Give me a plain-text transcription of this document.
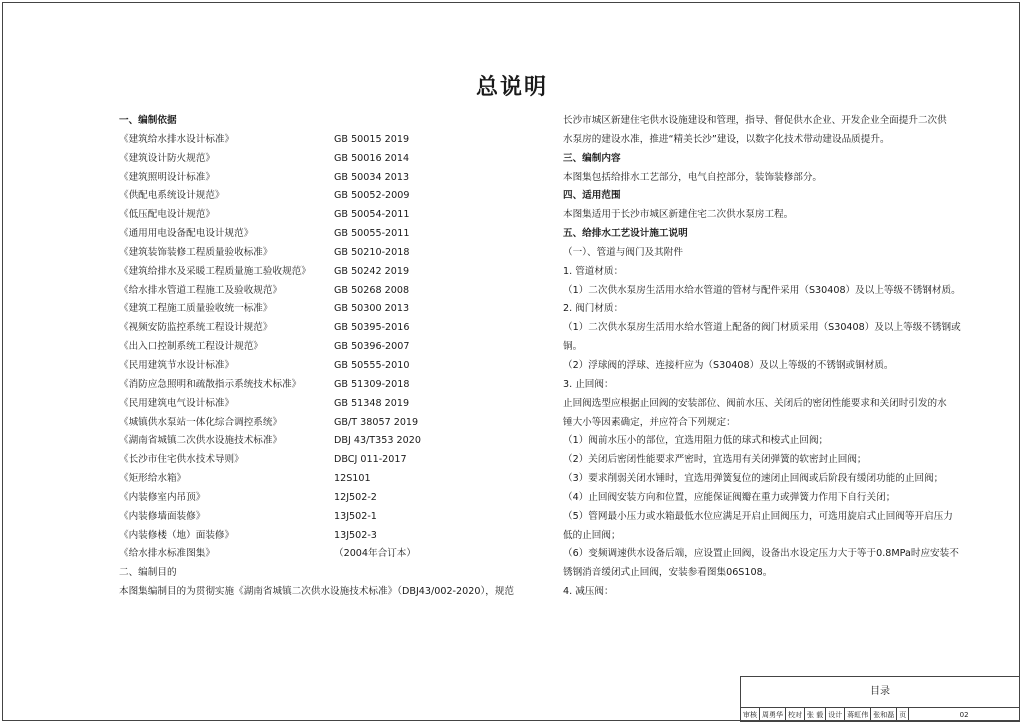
总说明
一、编制依据
《建筑给水排水设计标准》	GB 50015 2019
《建筑设计防火规范》	GB 50016 2014
《建筑照明设计标准》	GB 50034 2013
《供配电系统设计规范》	GB 50052-2009
《低压配电设计规范》	GB 50054-2011
《通用用电设备配电设计规范》	GB 50055-2011
《建筑装饰装修工程质量验收标准》	GB 50210-2018
《建筑给排水及采暖工程质量施工验收规范》 GB 50242 2019
《给水排水管道工程施工及验收规范》	GB 50268 2008
《建筑工程施工质量验收统一标准》	GB 50300 2013
《视频安防监控系统工程设计规范》	GB 50395-2016
《出入口控制系统工程设计规范》	GB 50396-2007
《民用建筑节水设计标准》	GB 50555-2010
《消防应急照明和疏散指示系统技术标准》	GB 51309-2018
《民用建筑电气设计标准》	GB 51348 2019
《城镇供水泵站一体化综合调控系统》	GB/T 38057 2019
《湖南省城镇二次供水设施技术标准》	DBJ 43/T353 2020
《长沙市住宅供水技术导则》	DBCJ 011-2017
《矩形给水箱》	12S101
《内装修室内吊顶》	12J502-2
《内装修墙面装修》	13J502-1
《内装修楼（地）面装修》	13J502-3
《给水排水标准图集》	（2004年合订本）
二、编制目的
本图集编制目的为贯彻实施《湖南省城镇二次供水设施技术标准》（DBJ43/002-2020），规范
长沙市城区新建住宅供水设施建设和管理，指导、督促供水企业、开发企业全面提升二次供
水泵房的建设水准，推进“精美长沙”建设，以数字化技术带动建设品质提升。
三、编制内容
本图集包括给排水工艺部分，电气自控部分，装饰装修部分。
四、适用范围
本图集适用于长沙市城区新建住宅二次供水泵房工程。
五、给排水工艺设计施工说明
（一）、管道与阀门及其附件
1. 管道材质：
（1）二次供水泵房生活用水给水管道的管材与配件采用（S30408）及以上等级不锈钢材质。
2. 阀门材质：
（1）二次供水泵房生活用水给水管道上配备的阀门材质采用（S30408）及以上等级不锈钢或
铜。
（2）浮球阀的浮球、连接杆应为（S30408）及以上等级的不锈钢或铜材质。
3. 止回阀：
止回阀选型应根据止回阀的安装部位、阀前水压、关闭后的密闭性能要求和关闭时引发的水
锤大小等因素确定，并应符合下列规定：
（1）阀前水压小的部位，宜选用阻力低的球式和梭式止回阀；
（2）关闭后密闭性能要求严密时，宜选用有关闭弹簧的软密封止回阀；
（3）要求削弱关闭水锤时，宜选用弹簧复位的速闭止回阀或后阶段有缓闭功能的止回阀；
（4）止回阀安装方向和位置，应能保证阀瓣在重力或弹簧力作用下自行关闭；
（5）管网最小压力或水箱最低水位应满足开启止回阀压力，可选用旋启式止回阀等开启压力
低的止回阀；
（6）变频调速供水设备后端，应设置止回阀，设备出水设定压力大于等于0.8MPa时应安装不
锈钢消音缓闭式止回阀，安装参看图集06S108。
4. 减压阀：
目录
审核 周勇华 校对 张 毅 设计 蒋虹伟 张和磊 页	02
